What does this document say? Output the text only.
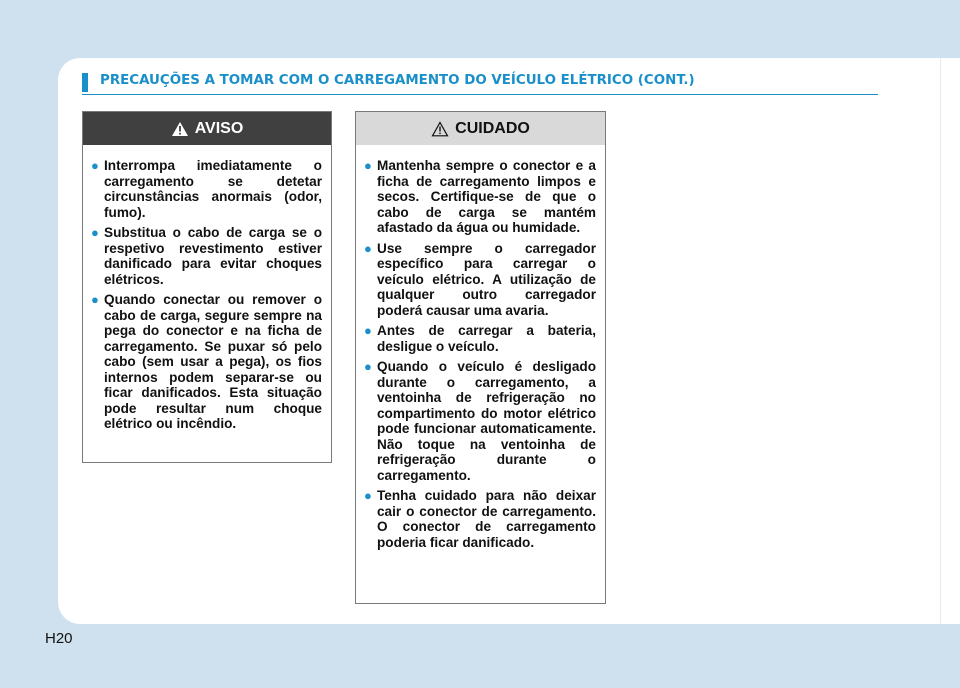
PRECAUÇÕES A TOMAR COM O CARREGAMENTO DO VEÍCULO ELÉTRICO (CONT.)
AVISO
● Interrompa imediatamente o carregamento se detetar circunstâncias anormais (odor, fumo).
● Substitua o cabo de carga se o respetivo revestimento estiver danificado para evitar choques elétricos.
● Quando conectar ou remover o cabo de carga, segure sempre na pega do conector e na ficha de carregamento. Se puxar só pelo cabo (sem usar a pega), os fios internos podem separar-se ou ficar danificados. Esta situação pode resultar num choque elétrico ou incêndio.
CUIDADO
● Mantenha sempre o conector e a ficha de carregamento limpos e secos. Certifique-se de que o cabo de carga se mantém afastado da água ou humidade.
● Use sempre o carregador específico para carregar o veículo elétrico. A utilização de qualquer outro carregador poderá causar uma avaria.
● Antes de carregar a bateria, desligue o veículo.
● Quando o veículo é desligado durante o carregamento, a ventoinha de refrigeração no compartimento do motor elétrico pode funcionar automaticamente. Não toque na ventoinha de refrigeração durante o carregamento.
● Tenha cuidado para não deixar cair o conector de carregamento. O conector de carregamento poderia ficar danificado.
H20
